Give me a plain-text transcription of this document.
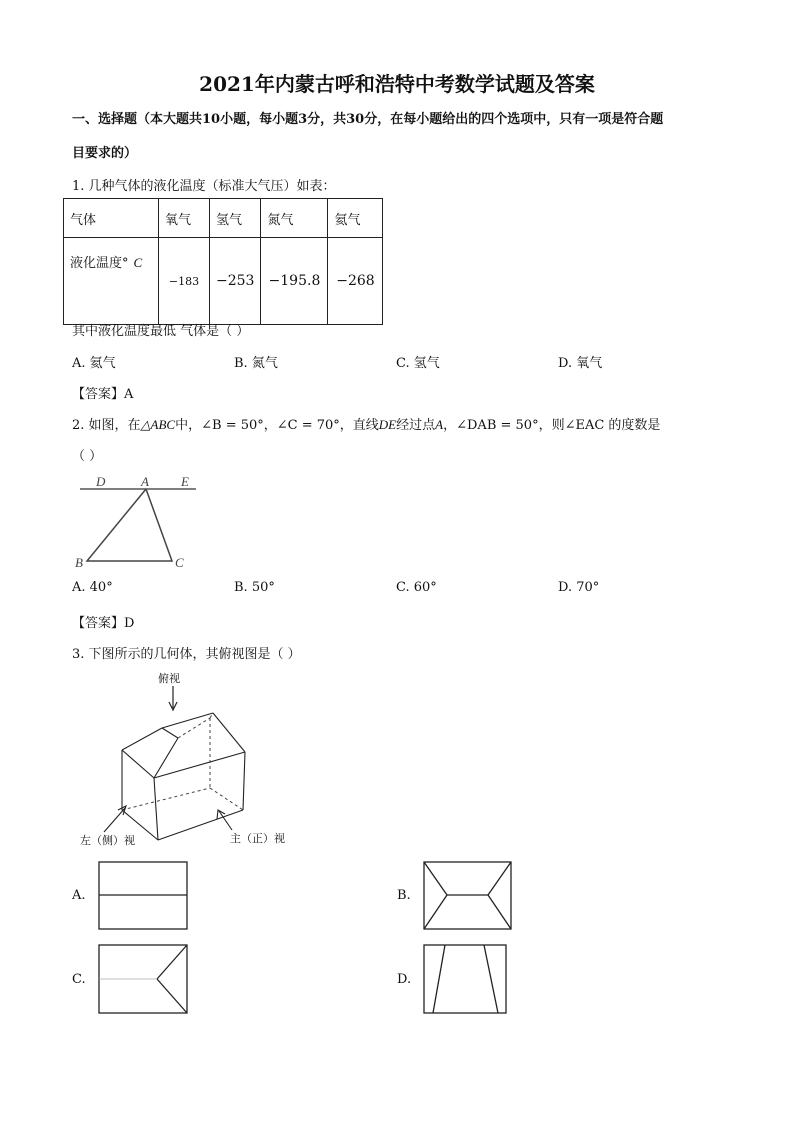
2021年内蒙古呼和浩特中考数学试题及答案
一、选择题（本大题共10小题，每小题3分，共30分，在每小题给出的四个选项中，只有一项是符合题
目要求的）
1. 几种气体的液化温度（标准大气压）如表：
气体	氧气	氢气	氮气	氦气
液化温度° C	−183	−253	−195.8	−268
其中液化温度最低 气体是（ ）
A. 氦气	B. 氮气	C. 氢气	D. 氧气
【答案】A
2. 如图，在△ABC中，∠B = 50°，∠C = 70°，直线DE经过点A，∠DAB = 50°，则∠EAC 的度数是
（ ）
D	A E
B	C
A. 40°	B. 50°	C. 60°	D. 70°
【答案】D
3. 下图所示的几何体，其俯视图是（ ）
俯视
左（侧）视	主（正）视
A.	B.
C.	D.
